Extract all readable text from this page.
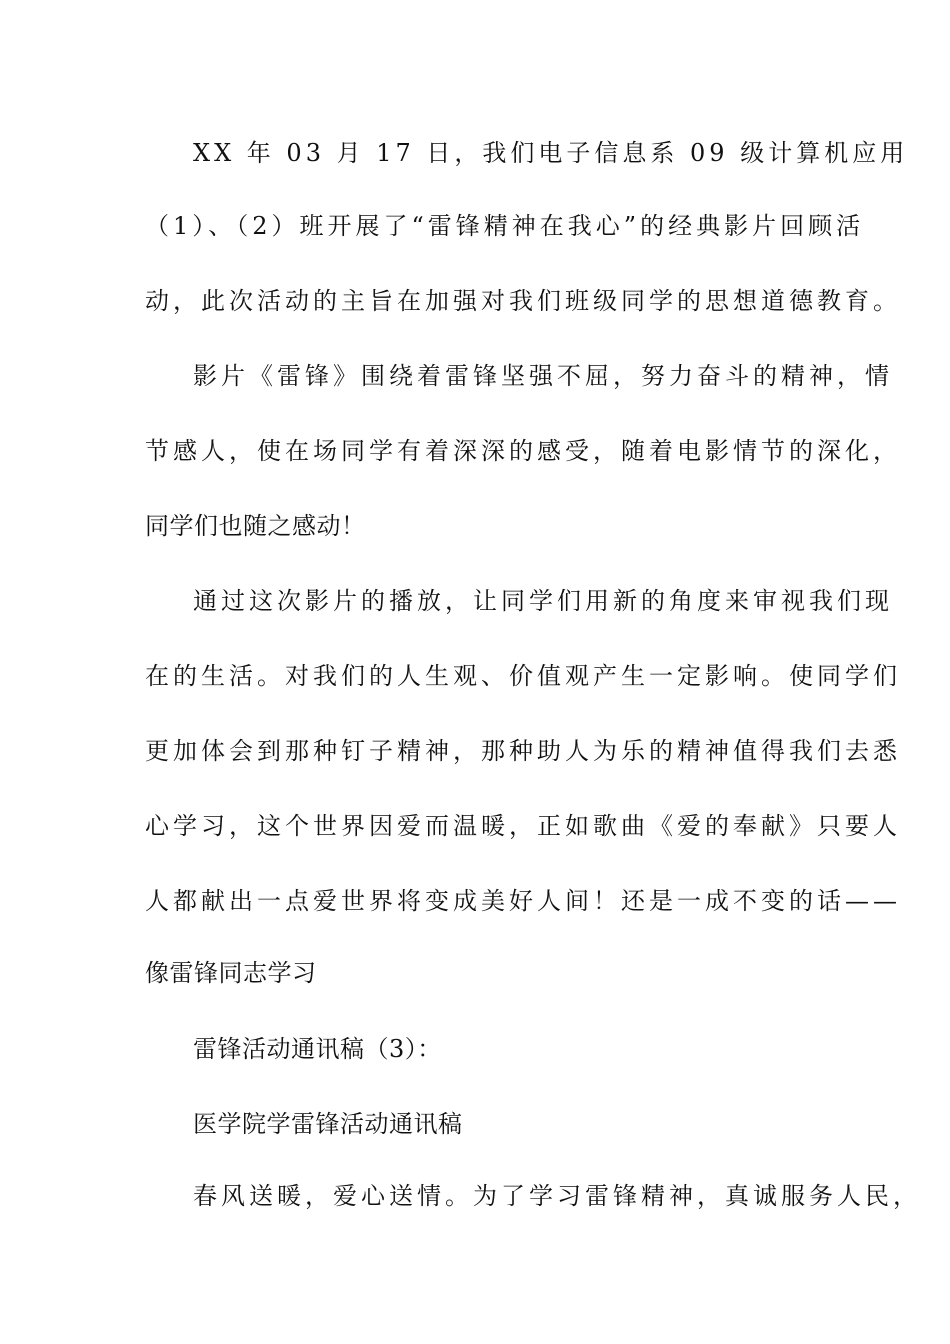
XX 年 03 月 17 日，我们电子信息系 09 级计算机应用
（1）、（2）班开展了“雷锋精神在我心”的经典影片回顾活
动，此次活动的主旨在加强对我们班级同学的思想道德教育。
影片《雷锋》围绕着雷锋坚强不屈，努力奋斗的精神，情
节感人，使在场同学有着深深的感受，随着电影情节的深化，
同学们也随之感动！
通过这次影片的播放，让同学们用新的角度来审视我们现
在的生活。对我们的人生观、价值观产生一定影响。使同学们
更加体会到那种钉子精神，那种助人为乐的精神值得我们去悉
心学习，这个世界因爱而温暖，正如歌曲《爱的奉献》只要人
人都献出一点爱世界将变成美好人间！还是一成不变的话——
像雷锋同志学习
雷锋活动通讯稿（3）：
医学院学雷锋活动通讯稿
春风送暖，爱心送情。为了学习雷锋精神，真诚服务人民，
